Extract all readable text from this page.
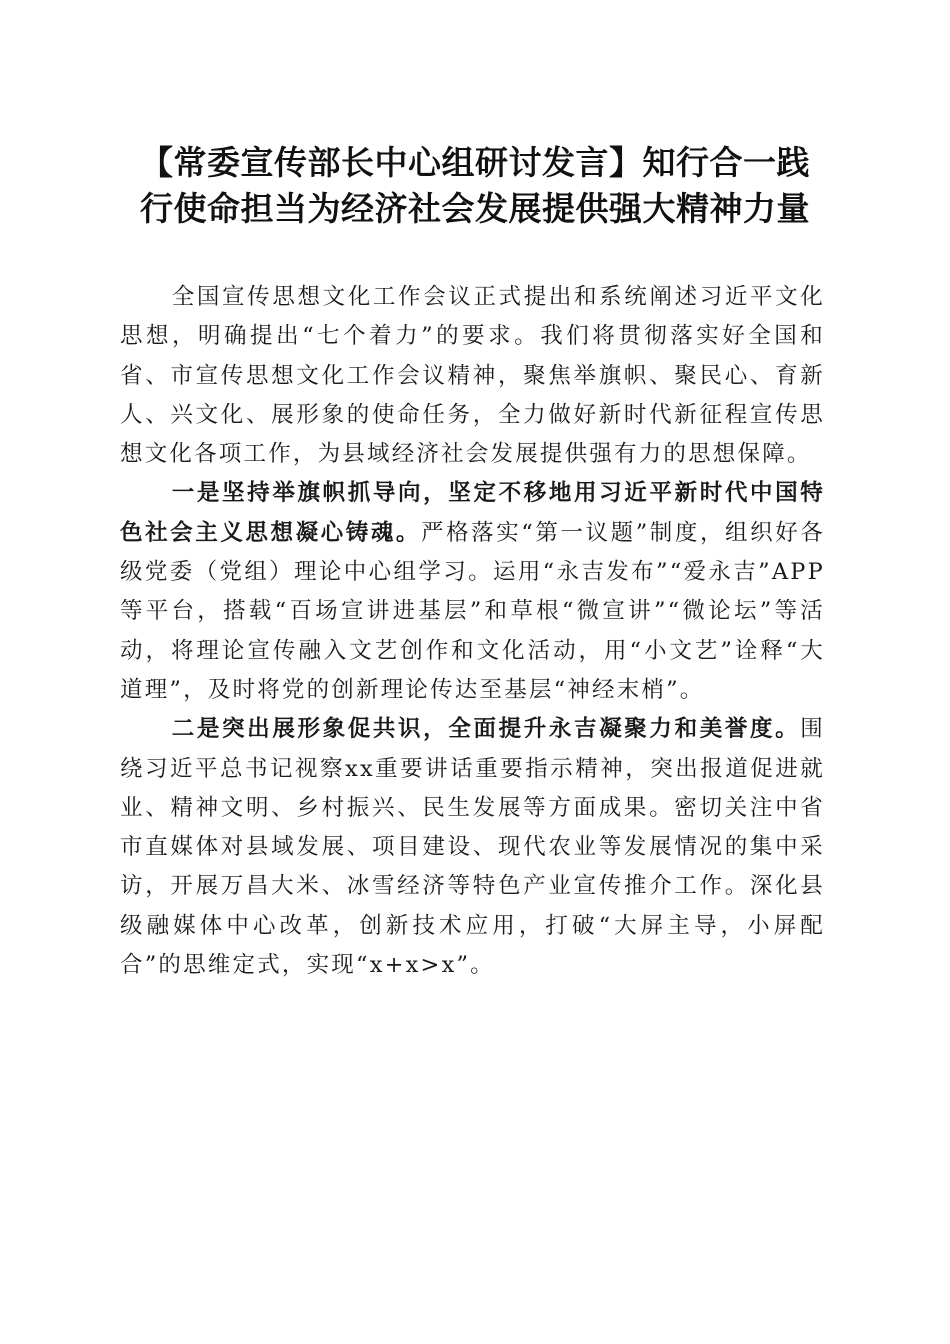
【常委宣传部长中心组研讨发言】知行合一践
行使命担当为经济社会发展提供强大精神力量

全国宣传思想文化工作会议正式提出和系统阐述习近平文化思想，明确提出“七个着力”的要求。我们将贯彻落实好全国和省、市宣传思想文化工作会议精神，聚焦举旗帜、聚民心、育新人、兴文化、展形象的使命任务，全力做好新时代新征程宣传思想文化各项工作，为县域经济社会发展提供强有力的思想保障。

一是坚持举旗帜抓导向，坚定不移地用习近平新时代中国特色社会主义思想凝心铸魂。严格落实“第一议题”制度，组织好各级党委（党组）理论中心组学习。运用“永吉发布”“爱永吉”APP等平台，搭载“百场宣讲进基层”和草根“微宣讲”“微论坛”等活动，将理论宣传融入文艺创作和文化活动，用“小文艺”诠释“大道理”，及时将党的创新理论传达至基层“神经末梢”。

二是突出展形象促共识，全面提升永吉凝聚力和美誉度。围绕习近平总书记视察xx重要讲话重要指示精神，突出报道促进就业、精神文明、乡村振兴、民生发展等方面成果。密切关注中省市直媒体对县域发展、项目建设、现代农业等发展情况的集中采访，开展万昌大米、冰雪经济等特色产业宣传推介工作。深化县级融媒体中心改革，创新技术应用，打破“大屏主导，小屏配合”的思维定式，实现“x+x>x”。
